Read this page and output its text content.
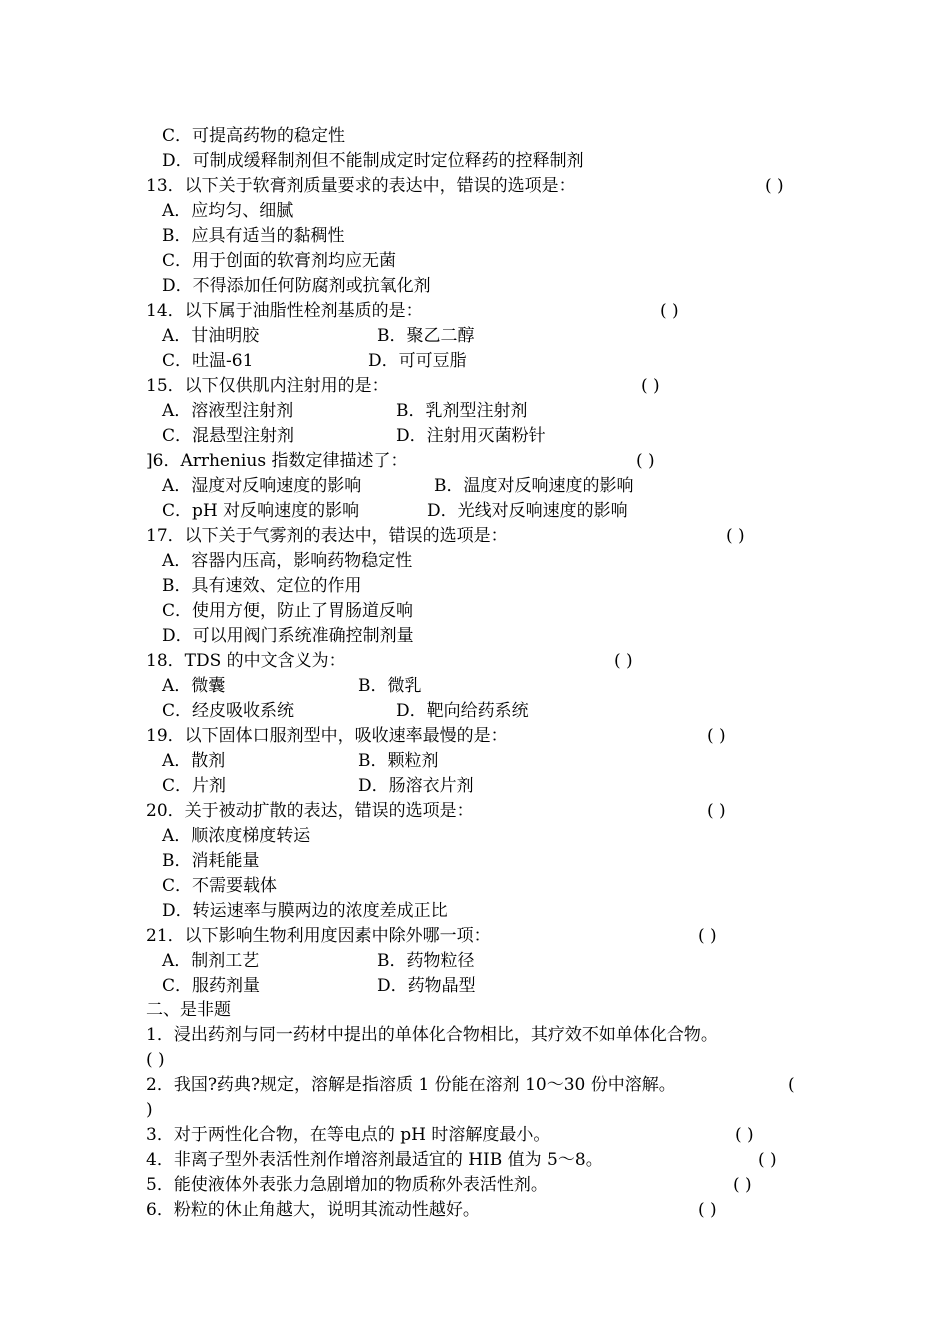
C．可提高药物的稳定性
D．可制成缓释制剂但不能制成定时定位释药的控释制剂
13．以下关于软膏剂质量要求的表达中，错误的选项是：	( )
A．应均匀、细腻
B．应具有适当的黏稠性
C．用于创面的软膏剂均应无菌
D．不得添加任何防腐剂或抗氧化剂
14．以下属于油脂性栓剂基质的是：	( )
A．甘油明胶	B．聚乙二醇
C．吐温-61	D．可可豆脂
15．以下仅供肌内注射用的是：	( )
A．溶液型注射剂	B．乳剂型注射剂
C．混悬型注射剂	D．注射用灭菌粉针
]6．Arrhenius 指数定律描述了：	( )
A．湿度对反响速度的影响	B．温度对反响速度的影响
C．pH 对反响速度的影响	D．光线对反响速度的影响
17．以下关于气雾剂的表达中，错误的选项是：	( )
A．容器内压高，影响药物稳定性
B．具有速效、定位的作用
C．使用方便，防止了胃肠道反响
D．可以用阀门系统准确控制剂量
18．TDS 的中文含义为：	( )
A．微囊	B．微乳
C．经皮吸收系统	D．靶向给药系统
19．以下固体口服剂型中，吸收速率最慢的是：	( )
A．散剂	B．颗粒剂
C．片剂	D．肠溶衣片剂
20．关于被动扩散的表达，错误的选项是：	( )
A．顺浓度梯度转运
B．消耗能量
C．不需要载体
D．转运速率与膜两边的浓度差成正比
21．以下影响生物利用度因素中除外哪一项：	( )
A．制剂工艺	B．药物粒径
C．服药剂量	D．药物晶型
二、是非题
1．浸出药剂与同一药材中提出的单体化合物相比，其疗效不如单体化合物。
( )
2．我国?药典?规定，溶解是指溶质 1 份能在溶剂 10～30 份中溶解。	(
)
3．对于两性化合物，在等电点的 pH 时溶解度最小。	( )
4．非离子型外表活性剂作增溶剂最适宜的 HIB 值为 5～8。	( )
5．能使液体外表张力急剧增加的物质称外表活性剂。	( )
6．粉粒的休止角越大，说明其流动性越好。	( )
